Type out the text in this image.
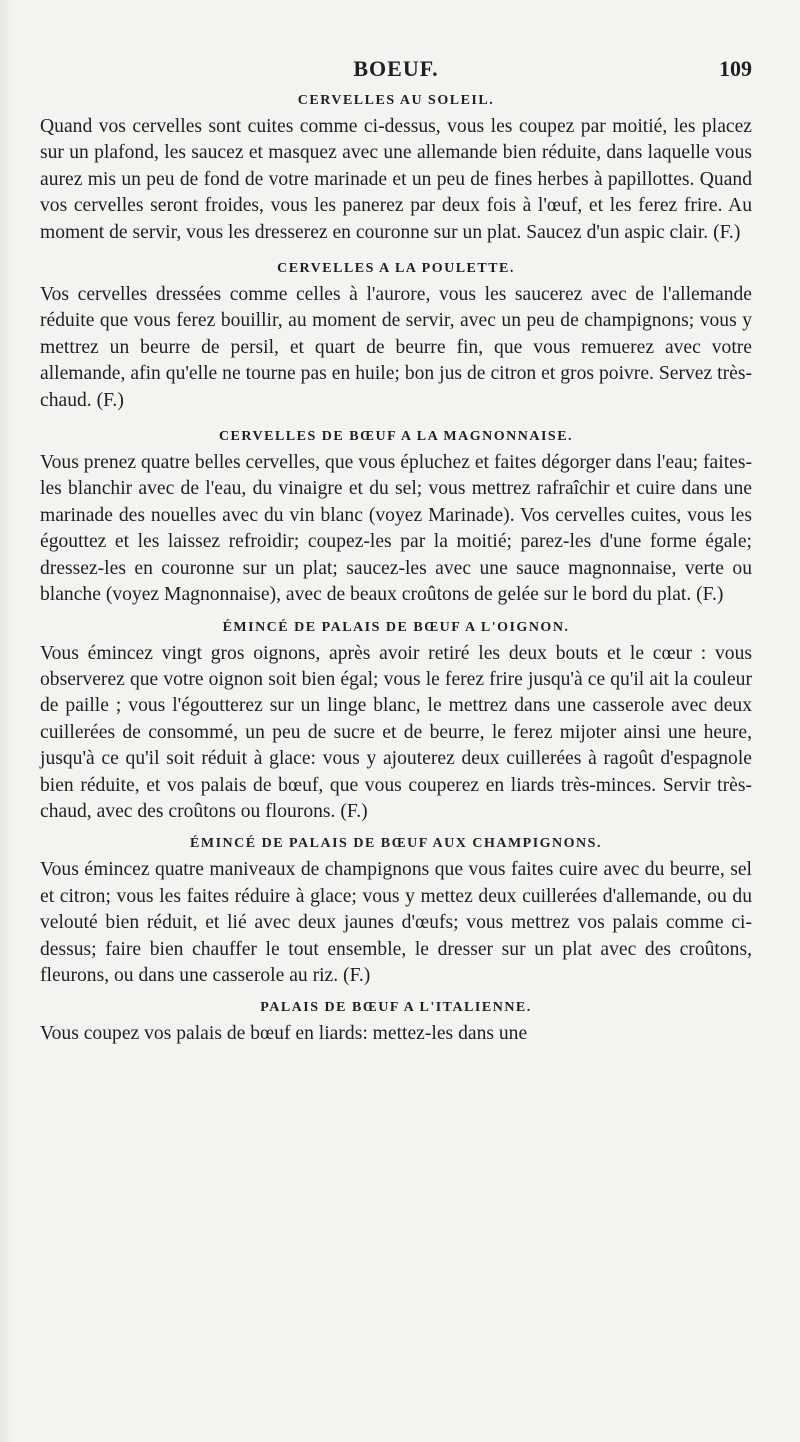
BOEUF.	109
CERVELLES AU SOLEIL.

Quand vos cervelles sont cuites comme ci-dessus, vous les coupez par moitié, les placez sur un plafond, les saucez et masquez avec une allemande bien réduite, dans laquelle vous aurez mis un peu de fond de votre marinade et un peu de fines herbes à papillottes. Quand vos cervelles seront froides, vous les panerez par deux fois à l'œuf, et les ferez frire. Au moment de servir, vous les dresserez en couronne sur un plat. Saucez d'un aspic clair. (F.)

CERVELLES A LA POULETTE.

Vos cervelles dressées comme celles à l'aurore, vous les saucerez avec de l'allemande réduite que vous ferez bouillir, au moment de servir, avec un peu de champignons; vous y mettrez un beurre de persil, et quart de beurre fin, que vous remuerez avec votre allemande, afin qu'elle ne tourne pas en huile; bon jus de citron et gros poivre. Servez très-chaud. (F.)

CERVELLES DE BŒUF A LA MAGNONNAISE.

Vous prenez quatre belles cervelles, que vous épluchez et faites dégorger dans l'eau; faites-les blanchir avec de l'eau, du vinaigre et du sel; vous mettrez rafraîchir et cuire dans une marinade des nouelles avec du vin blanc (voyez Marinade). Vos cervelles cuites, vous les égouttez et les laissez refroidir; coupez-les par la moitié; parez-les d'une forme égale; dressez-les en couronne sur un plat; saucez-les avec une sauce magnonnaise, verte ou blanche (voyez Magnonnaise), avec de beaux croûtons de gelée sur le bord du plat. (F.)

ÉMINCÉ DE PALAIS DE BŒUF A L'OIGNON.

Vous émincez vingt gros oignons, après avoir retiré les deux bouts et le cœur : vous observerez que votre oignon soit bien égal; vous le ferez frire jusqu'à ce qu'il ait la couleur de paille ; vous l'égoutterez sur un linge blanc, le mettrez dans une casserole avec deux cuillerées de consommé, un peu de sucre et de beurre, le ferez mijoter ainsi une heure, jusqu'à ce qu'il soit réduit à glace: vous y ajouterez deux cuillerées à ragoût d'espagnole bien réduite, et vos palais de bœuf, que vous couperez en liards très-minces. Servir très-chaud, avec des croûtons ou flourons. (F.)

ÉMINCÉ DE PALAIS DE BŒUF AUX CHAMPIGNONS.

Vous émincez quatre maniveaux de champignons que vous faites cuire avec du beurre, sel et citron; vous les faites réduire à glace; vous y mettez deux cuillerées d'allemande, ou du velouté bien réduit, et lié avec deux jaunes d'œufs; vous mettrez vos palais comme ci-dessus; faire bien chauffer le tout ensemble, le dresser sur un plat avec des croûtons, fleurons, ou dans une casserole au riz. (F.)

PALAIS DE BŒUF A L'ITALIENNE.

Vous coupez vos palais de bœuf en liards: mettez-les dans une
